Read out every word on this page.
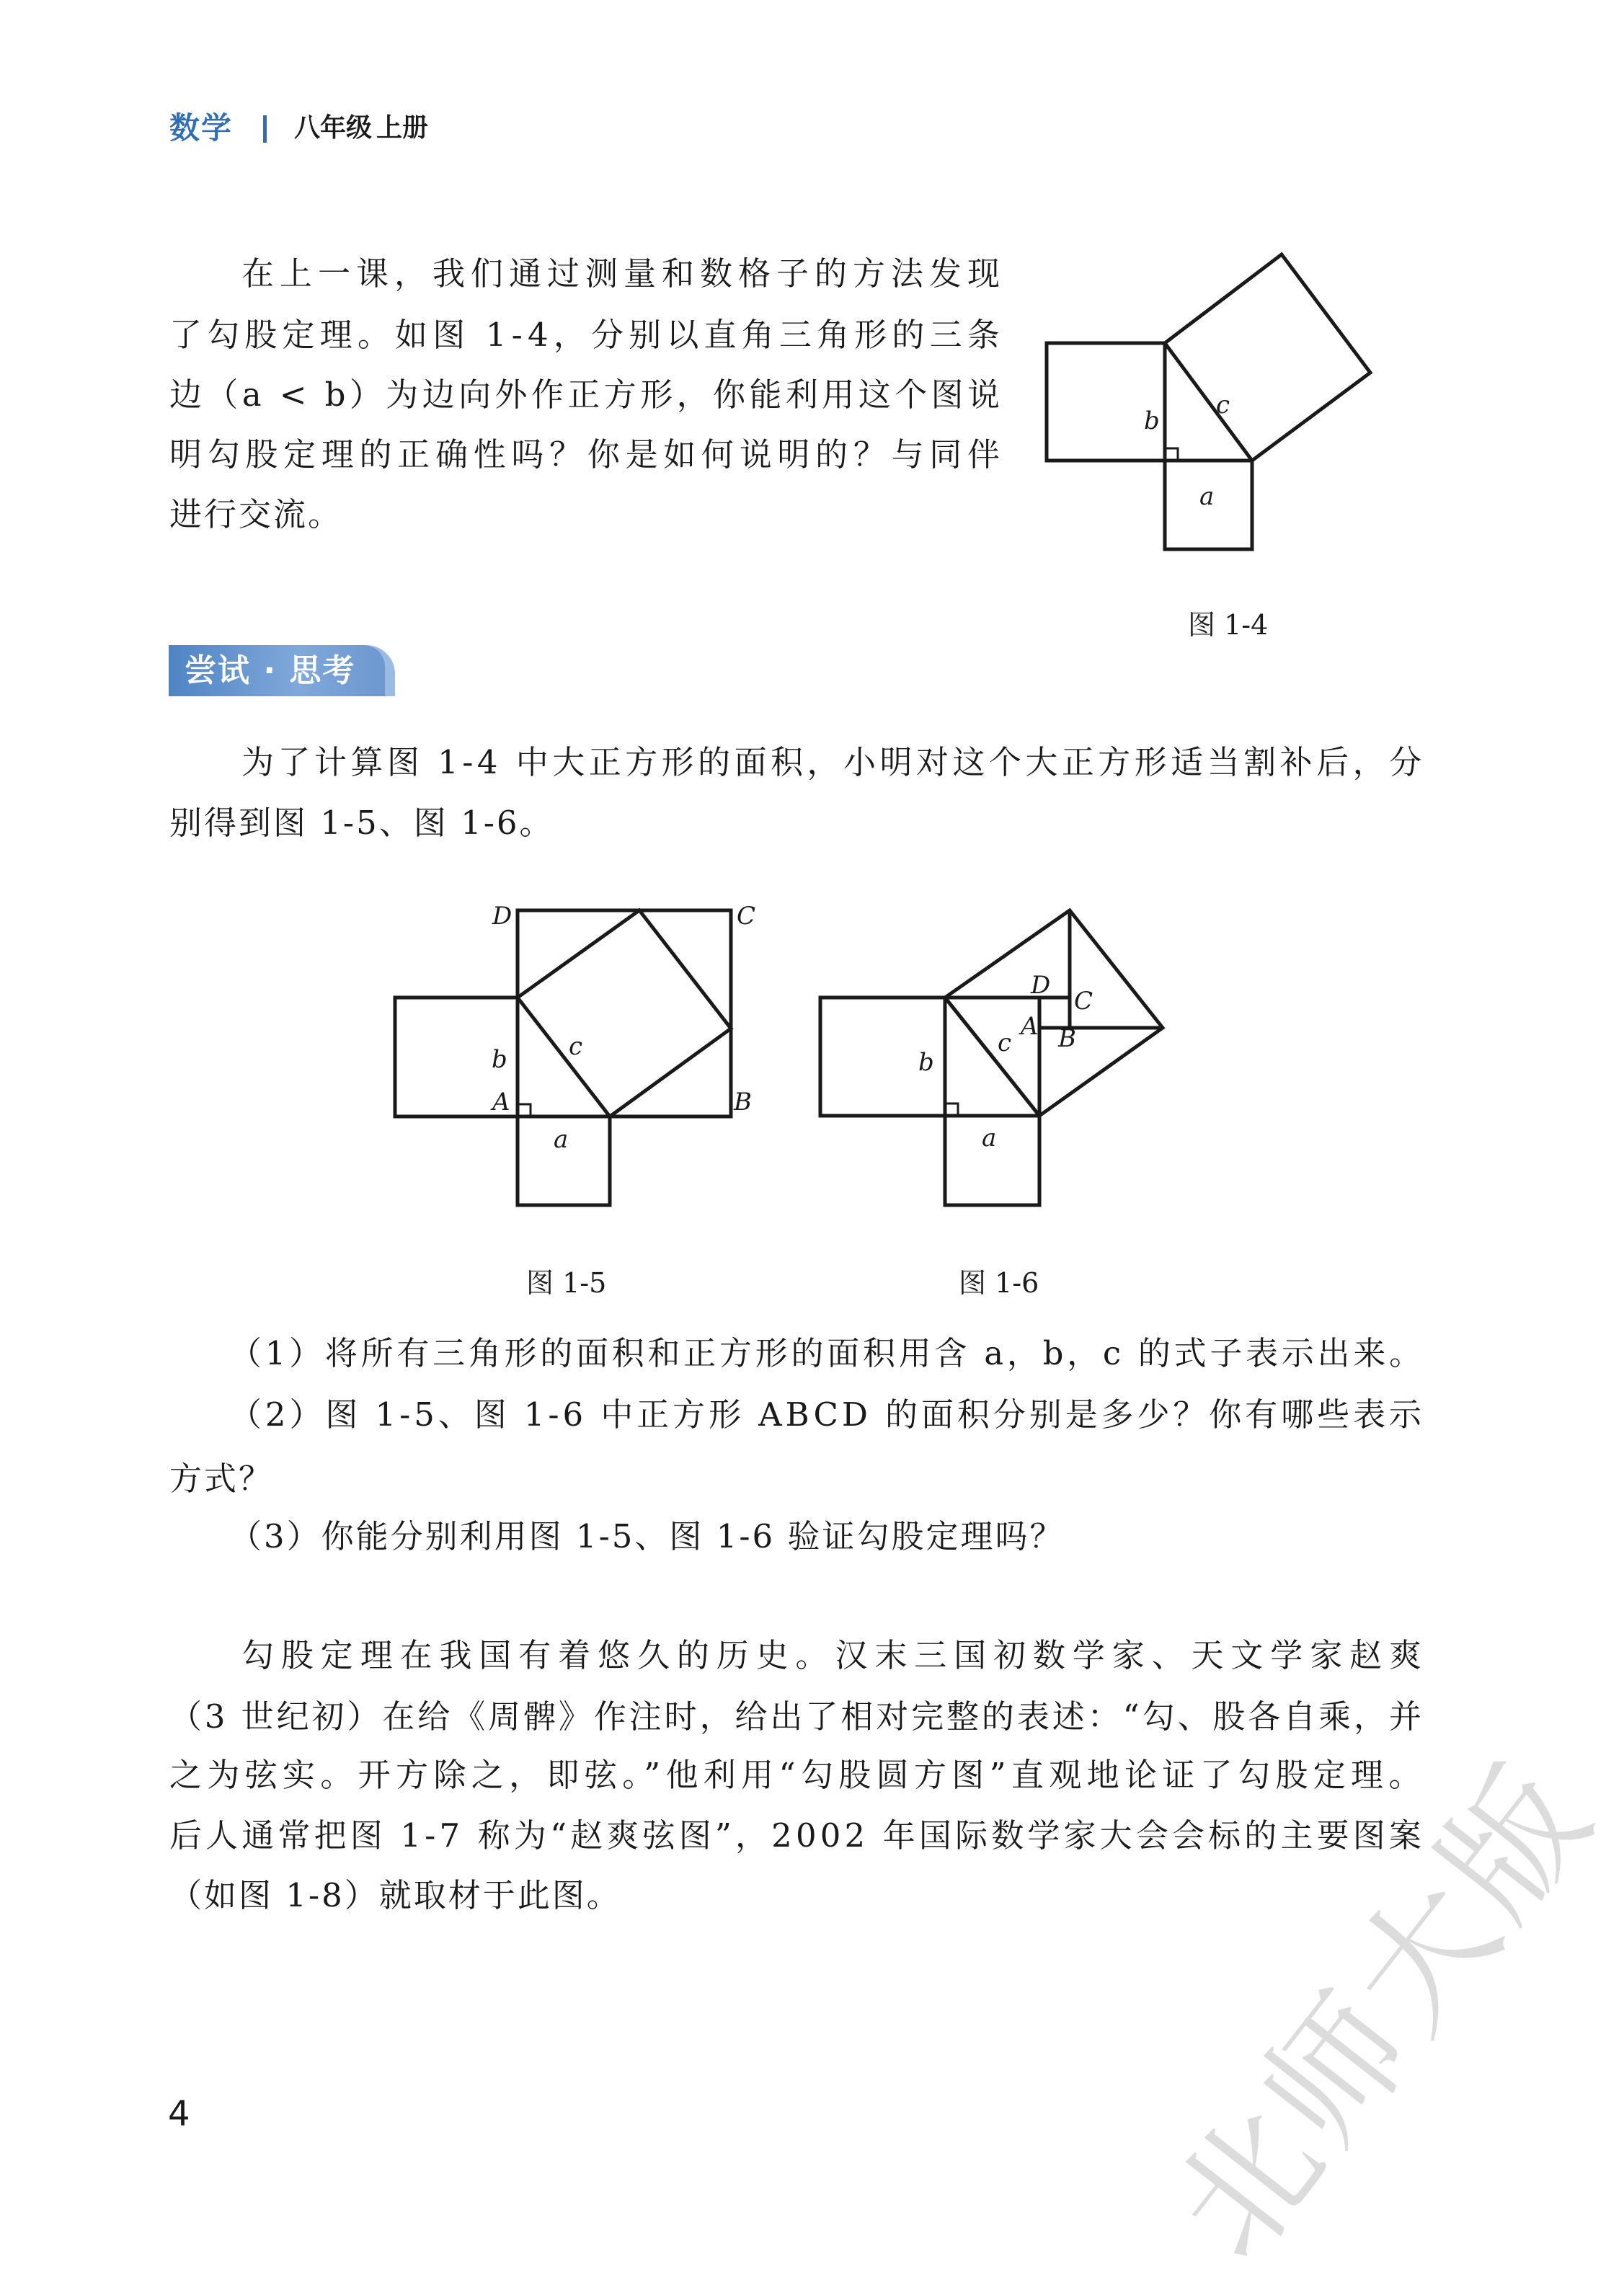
数学 八年级 上册
在上一课，我们通过测量和数格子的方法发现
了勾股定理。如图 1-4，分别以直角三角形的三条
边（a < b）为边向外作正方形，你能利用这个图说
明勾股定理的正确性吗？你是如何说明的？与同伴
进行交流。
b
c
a
D	C
A	B
b	c
a
图 1-5
D
C
A B
b
c
a
图 1-6
图 1-4
尝试 · 思考
为了计算图 1-4 中大正方形的面积，小明对这个大正方形适当割补后，分
别得到图 1-5、图 1-6。
（1）将所有三角形的面积和正方形的面积用含 a，b，c 的式子表示出来。
（2）图 1-5、图 1-6 中正方形 ABCD 的面积分别是多少？你有哪些表示
方式？
（3）你能分别利用图 1-5、图 1-6 验证勾股定理吗？
勾股定理在我国有着悠久的历史。汉末三国初数学家、天文学家赵爽
（3 世纪初）在给《周髀》作注时，给出了相对完整的表述：“勾、股各自乘，并
之为弦实。开方除之，即弦。”他利用“勾股圆方图”直观地论证了勾股定理。
后人通常把图 1-7 称为“赵爽弦图”，2002 年国际数学家大会会标的主要图案
（如图 1-8）就取材于此图。
4	北师大版
